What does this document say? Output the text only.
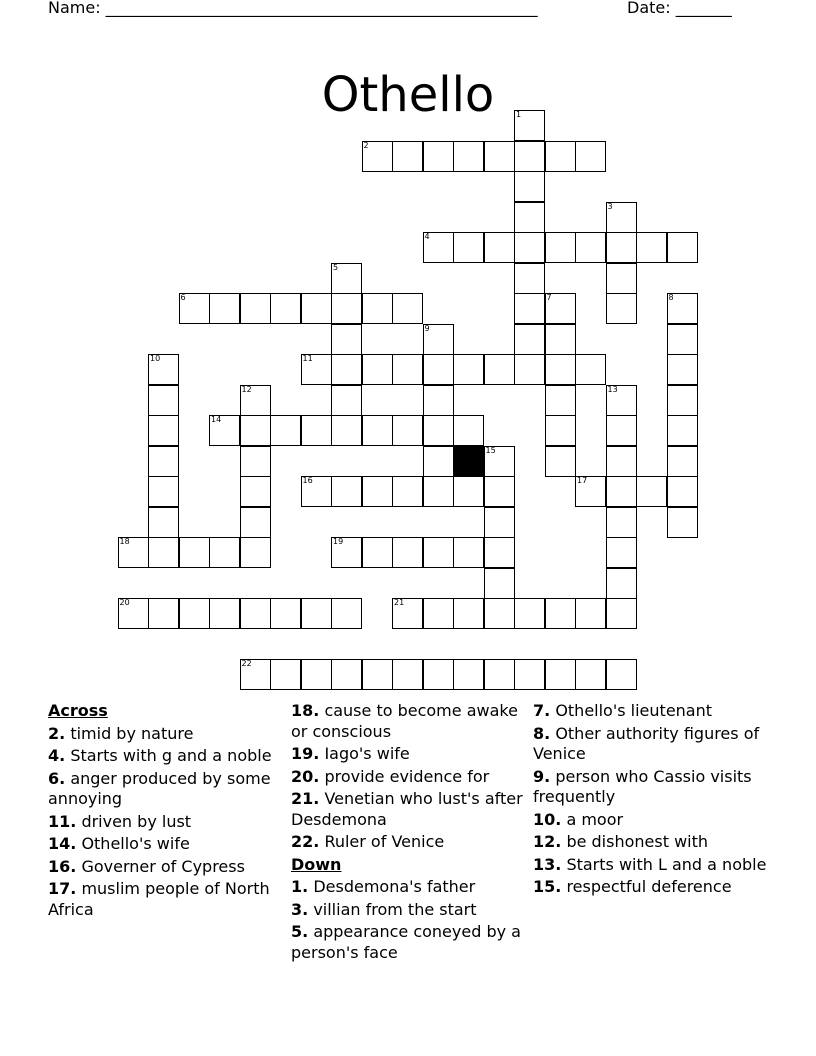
Name: ______________________________________________________	Date: _______
Othello	1
2
3
4
5
6	7	8
9
10	11
12	13
14
15
16	17
18	19
20	21
22
Across
2. timid by nature
4. Starts with g and a noble
6. anger produced by some annoying
11. driven by lust
14. Othello's wife
16. Governer of Cypress
17. muslim people of North Africa
18. cause to become awake or conscious
19. Iago's wife
20. provide evidence for
21. Venetian who lust's after Desdemona
22. Ruler of Venice
Down
1. Desdemona's father
3. villian from the start
5. appearance coneyed by a person's face
7. Othello's lieutenant
8. Other authority figures of Venice
9. person who Cassio visits frequently
10. a moor
12. be dishonest with
13. Starts with L and a noble
15. respectful deference
